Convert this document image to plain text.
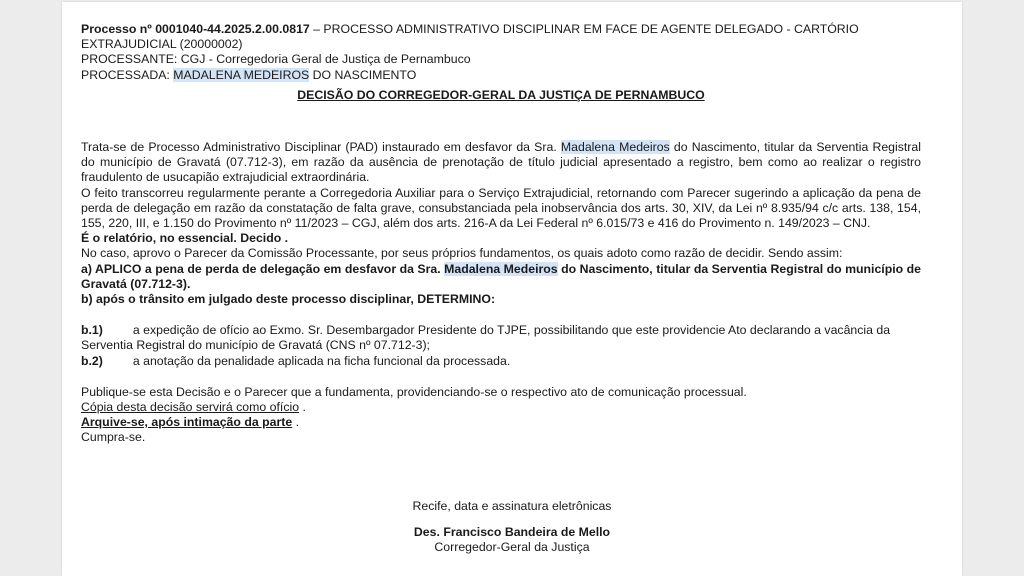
Processo nº 0001040-44.2025.2.00.0817 – PROCESSO ADMINISTRATIVO DISCIPLINAR EM FACE DE AGENTE DELEGADO - CARTÓRIO EXTRAJUDICIAL (20000002)

PROCESSANTE: CGJ - Corregedoria Geral de Justiça de Pernambuco

PROCESSADA: MADALENA MEDEIROS DO NASCIMENTO

DECISÃO DO CORREGEDOR-GERAL DA JUSTIÇA DE PERNAMBUCO

Trata-se de Processo Administrativo Disciplinar (PAD) instaurado em desfavor da Sra. Madalena Medeiros do Nascimento, titular da Serventia Registral do município de Gravatá (07.712-3), em razão da ausência de prenotação de título judicial apresentado a registro, bem como ao realizar o registro fraudulento de usucapião extrajudicial extraordinária.

O feito transcorreu regularmente perante a Corregedoria Auxiliar para o Serviço Extrajudicial, retornando com Parecer sugerindo a aplicação da pena de perda de delegação em razão da constatação de falta grave, consubstanciada pela inobservância dos arts. 30, XIV, da Lei nº 8.935/94 c/c arts. 138, 154, 155, 220, III, e 1.150 do Provimento nº 11/2023 – CGJ, além dos arts. 216-A da Lei Federal nº 6.015/73 e 416 do Provimento n. 149/2023 – CNJ.

É o relatório, no essencial. Decido .

No caso, aprovo o Parecer da Comissão Processante, por seus próprios fundamentos, os quais adoto como razão de decidir. Sendo assim:

a) APLICO a pena de perda de delegação em desfavor da Sra. Madalena Medeiros do Nascimento, titular da Serventia Registral do município de Gravatá (07.712-3).

b) após o trânsito em julgado deste processo disciplinar, DETERMINO:

b.1) a expedição de ofício ao Exmo. Sr. Desembargador Presidente do TJPE, possibilitando que este providencie Ato declarando a vacância da Serventia Registral do município de Gravatá (CNS nº 07.712-3);

b.2) a anotação da penalidade aplicada na ficha funcional da processada.

Publique-se esta Decisão e o Parecer que a fundamenta, providenciando-se o respectivo ato de comunicação processual.

Cópia desta decisão servirá como ofício .

Arquive-se, após intimação da parte .

Cumpra-se.

Recife, data e assinatura eletrônicas
Des. Francisco Bandeira de Mello
Corregedor-Geral da Justiça
